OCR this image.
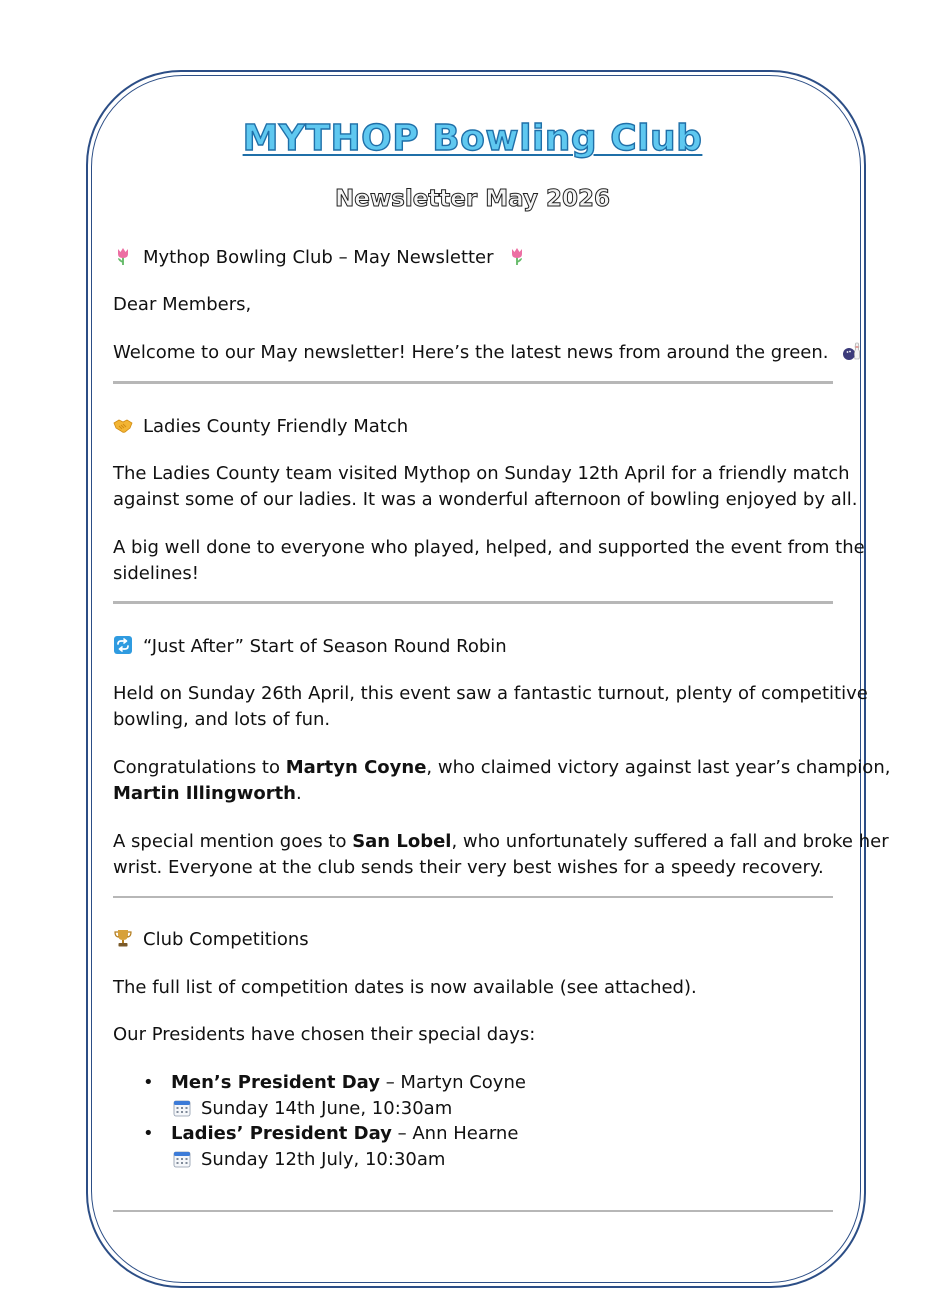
MYTHOP Bowling Club
Newsletter May 2026
Mythop Bowling Club – May Newsletter
Dear Members,
Welcome to our May newsletter! Here’s the latest news from around the green.
Ladies County Friendly Match
The Ladies County team visited Mythop on Sunday 12th April for a friendly match
against some of our ladies. It was a wonderful afternoon of bowling enjoyed by all.
A big well done to everyone who played, helped, and supported the event from the
sidelines!
“Just After” Start of Season Round Robin
Held on Sunday 26th April, this event saw a fantastic turnout, plenty of competitive
bowling, and lots of fun.
Congratulations to Martyn Coyne, who claimed victory against last year’s champion,
Martin Illingworth.
A special mention goes to San Lobel, who unfortunately suffered a fall and broke her
wrist. Everyone at the club sends their very best wishes for a speedy recovery.
Club Competitions
The full list of competition dates is now available (see attached).
Our Presidents have chosen their special days:
• Men’s President Day – Martyn Coyne
Sunday 14th June, 10:30am
• Ladies’ President Day – Ann Hearne
Sunday 12th July, 10:30am
